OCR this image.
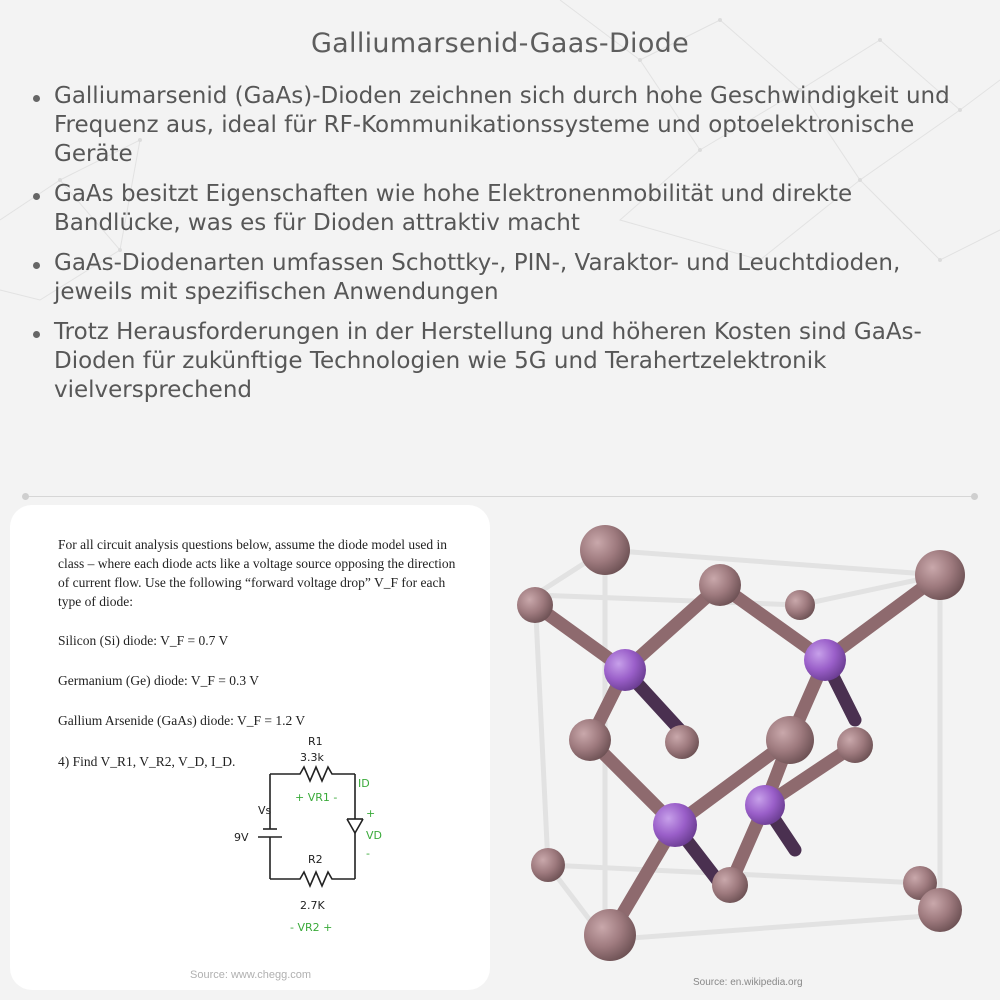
Galliumarsenid-Gaas-Diode
Galliumarsenid (GaAs)-Dioden zeichnen sich durch hohe Geschwindigkeit und Frequenz aus, ideal für RF-Kommunikationssysteme und optoelektronische Geräte
GaAs besitzt Eigenschaften wie hohe Elektronenmobilität und direkte Bandlücke, was es für Dioden attraktiv macht
GaAs-Diodenarten umfassen Schottky-, PIN-, Varaktor- und Leuchtdioden, jeweils mit spezifischen Anwendungen
Trotz Herausforderungen in der Herstellung und höheren Kosten sind GaAs-Dioden für zukünftige Technologien wie 5G und Terahertzelektronik vielversprechend

For all circuit analysis questions below, assume the diode model used in class – where each diode acts like a voltage source opposing the direction of current flow. Use the following “forward voltage drop” V_F for each type of diode:

Silicon (Si) diode: V_F = 0.7 V

Germanium (Ge) diode: V_F = 0.3 V

Gallium Arsenide (GaAs) diode: V_F = 1.2 V

4) Find V_R1, V_R2, V_D, I_D.

R1
3.3k
+ VR1 -
ID
+
VD
-
Vs
9V
R2
2.7K
- VR2 +
Source: www.chegg.com
Source: en.wikipedia.org
